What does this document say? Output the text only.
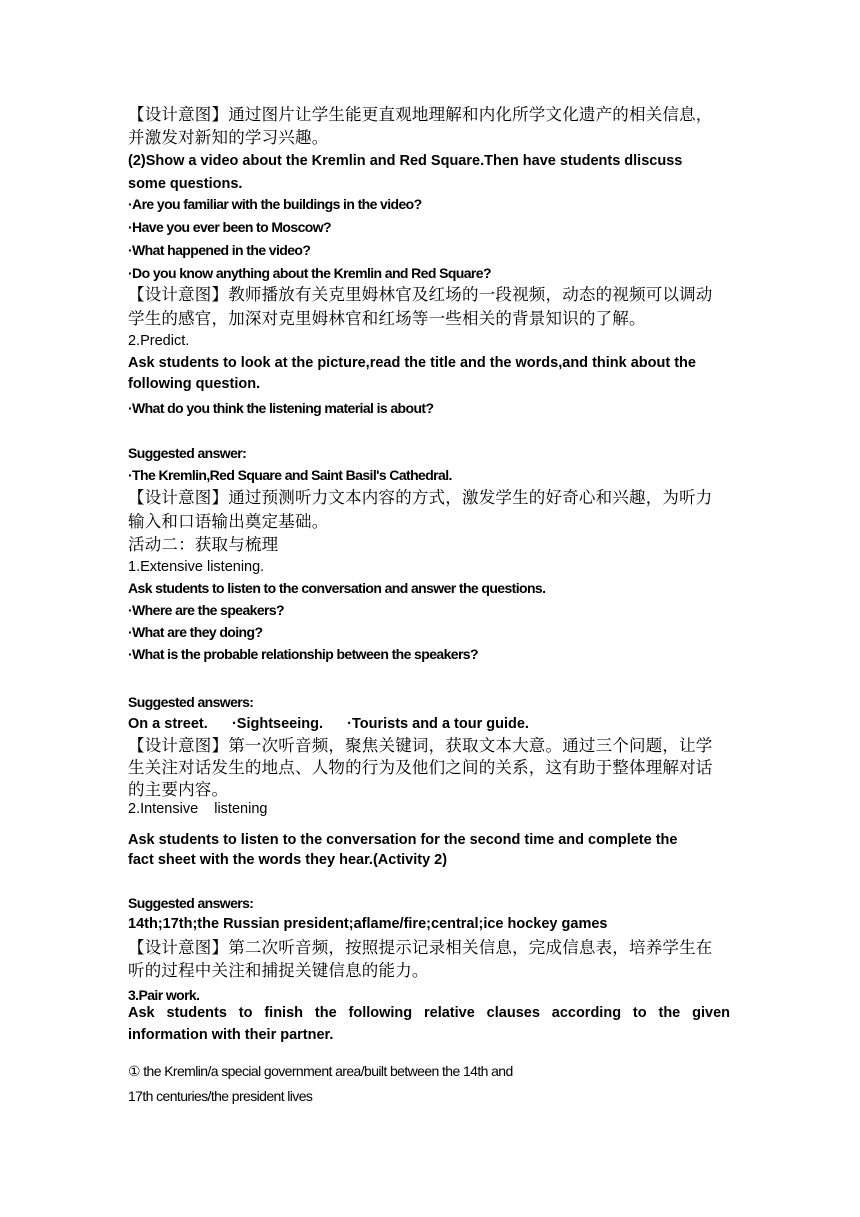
【设计意图】通过图片让学生能更直观地理解和内化所学文化遗产的相关信息，
并激发对新知的学习兴趣。
(2)Show a video about the Kremlin and Red Square.Then have students dliscuss
some questions.
·Are you familiar with the buildings in the video?
·Have you ever been to Moscow?
·What happened in the video?
·Do you know anything about the Kremlin and Red Square?
【设计意图】教师播放有关克里姆林官及红场的一段视频，动态的视频可以调动
学生的感官，加深对克里姆林官和红场等一些相关的背景知识的了解。
2.Predict.
Ask students to look at the picture,read the title and the words,and think about the
following question.
·What do you think the listening material is about?
Suggested answer:
·The Kremlin,Red Square and Saint Basil's Cathedral.
【设计意图】通过预测听力文本内容的方式，激发学生的好奇心和兴趣，为听力
输入和口语输出奠定基础。
活动二：获取与梳理
1.Extensive listening.
Ask students to listen to the conversation and answer the questions.
·Where are the speakers?
·What are they doing?
·What is the probable relationship between the speakers?
Suggested answers:
On a street.      ·Sightseeing.      ·Tourists and a tour guide.
【设计意图】第一次听音频，聚焦关键词，获取文本大意。通过三个问题，让学
生关注对话发生的地点、人物的行为及他们之间的关系，这有助于整体理解对话
的主要内容。
2.Intensive    listening
Ask students to listen to the conversation for the second time and complete the
fact sheet with the words they hear.(Activity 2)
Suggested answers:
14th;17th;the Russian president;aflame/fire;central;ice hockey games
【设计意图】第二次听音频，按照提示记录相关信息，完成信息表，培养学生在
听的过程中关注和捕捉关键信息的能力。
3.Pair work.
Ask students to finish the following relative clauses according to the given
information with their partner.
① the Kremlin/a special government area/built between the 14th and
17th centuries/the president lives
